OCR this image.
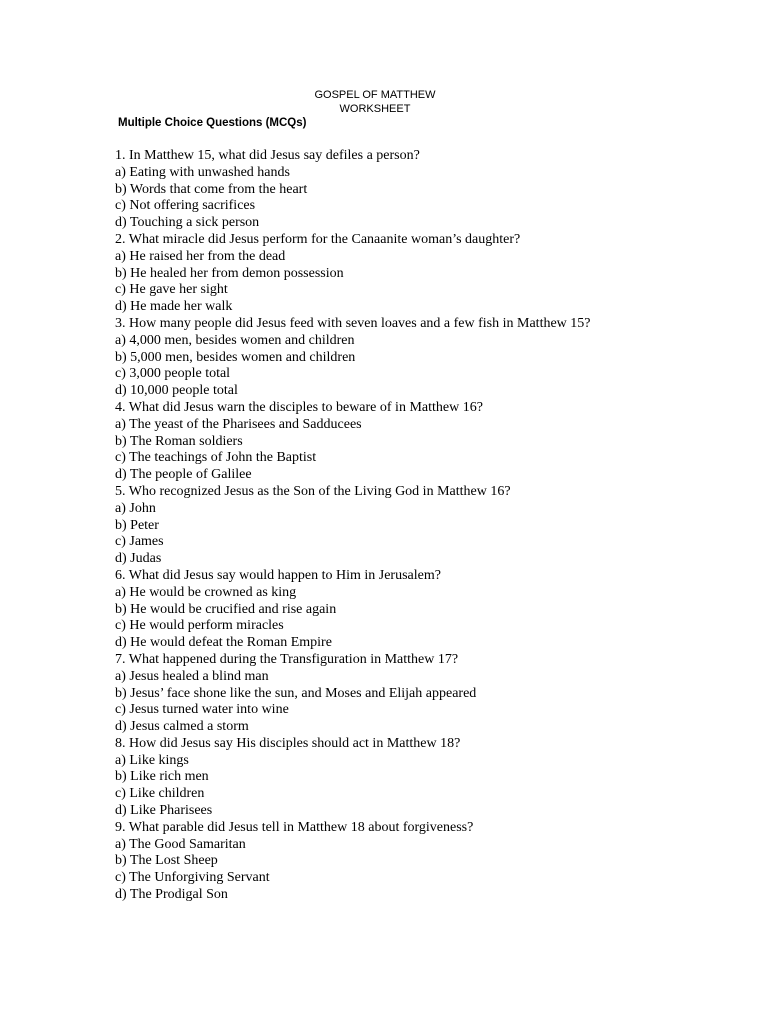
GOSPEL OF MATTHEW
WORKSHEET
Multiple Choice Questions (MCQs)
1. In Matthew 15, what did Jesus say defiles a person?
a) Eating with unwashed hands
b) Words that come from the heart
c) Not offering sacrifices
d) Touching a sick person
2. What miracle did Jesus perform for the Canaanite woman’s daughter?
a) He raised her from the dead
b) He healed her from demon possession
c) He gave her sight
d) He made her walk
3. How many people did Jesus feed with seven loaves and a few fish in Matthew 15?
a) 4,000 men, besides women and children
b) 5,000 men, besides women and children
c) 3,000 people total
d) 10,000 people total
4. What did Jesus warn the disciples to beware of in Matthew 16?
a) The yeast of the Pharisees and Sadducees
b) The Roman soldiers
c) The teachings of John the Baptist
d) The people of Galilee
5. Who recognized Jesus as the Son of the Living God in Matthew 16?
a) John
b) Peter
c) James
d) Judas
6. What did Jesus say would happen to Him in Jerusalem?
a) He would be crowned as king
b) He would be crucified and rise again
c) He would perform miracles
d) He would defeat the Roman Empire
7. What happened during the Transfiguration in Matthew 17?
a) Jesus healed a blind man
b) Jesus’ face shone like the sun, and Moses and Elijah appeared
c) Jesus turned water into wine
d) Jesus calmed a storm
8. How did Jesus say His disciples should act in Matthew 18?
a) Like kings
b) Like rich men
c) Like children
d) Like Pharisees
9. What parable did Jesus tell in Matthew 18 about forgiveness?
a) The Good Samaritan
b) The Lost Sheep
c) The Unforgiving Servant
d) The Prodigal Son
